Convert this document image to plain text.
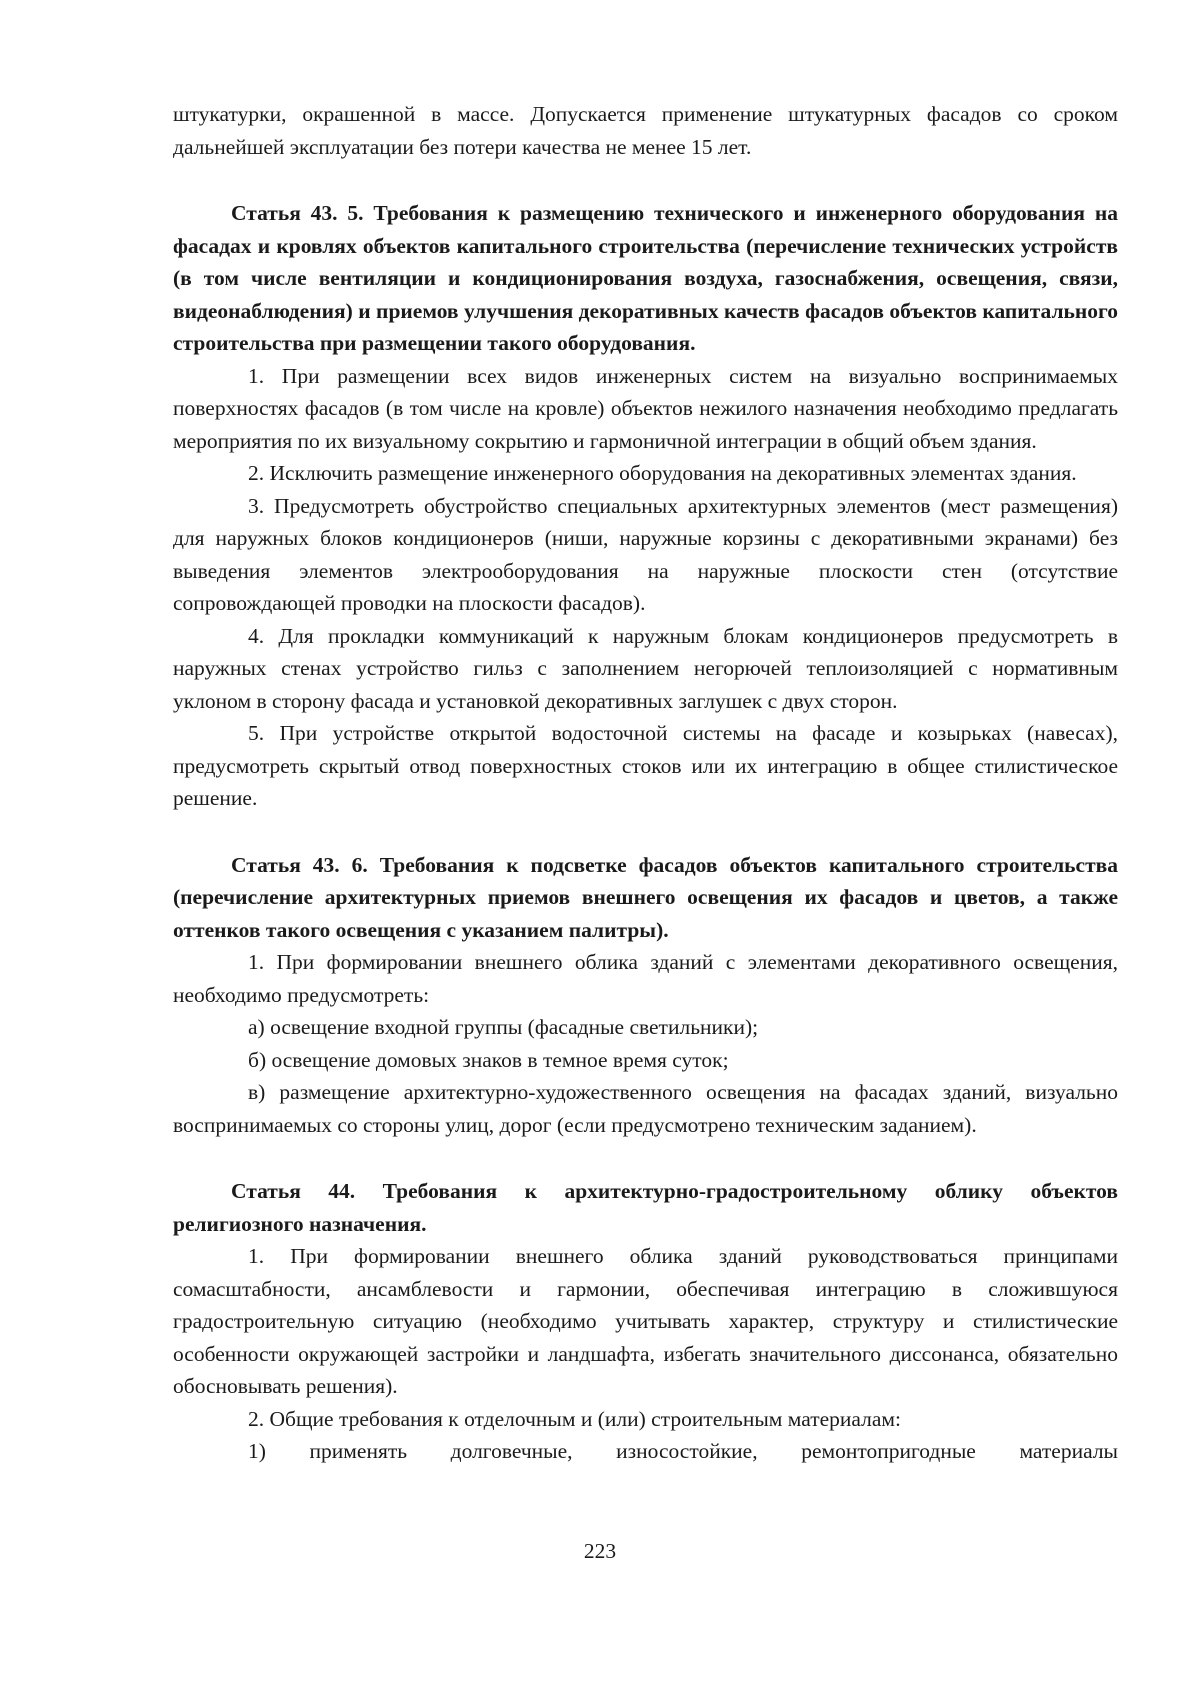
штукатурки, окрашенной в массе. Допускается применение штукатурных фасадов со сроком дальнейшей эксплуатации без потери качества не менее 15 лет.

Статья 43. 5. Требования к размещению технического и инженерного оборудования на фасадах и кровлях объектов капитального строительства (перечисление технических устройств (в том числе вентиляции и кондиционирования воздуха, газоснабжения, освещения, связи, видеонаблюдения) и приемов улучшения декоративных качеств фасадов объектов капитального строительства при размещении такого оборудования.

1. При размещении всех видов инженерных систем на визуально воспринимаемых поверхностях фасадов (в том числе на кровле) объектов нежилого назначения необходимо предлагать мероприятия по их визуальному сокрытию и гармоничной интеграции в общий объем здания.

2. Исключить размещение инженерного оборудования на декоративных элементах здания.

3. Предусмотреть обустройство специальных архитектурных элементов (мест размещения) для наружных блоков кондиционеров (ниши, наружные корзины с декоративными экранами) без выведения элементов электрооборудования на наружные плоскости стен (отсутствие сопровождающей проводки на плоскости фасадов).

4. Для прокладки коммуникаций к наружным блокам кондиционеров предусмотреть в наружных стенах устройство гильз с заполнением негорючей теплоизоляцией с нормативным уклоном в сторону фасада и установкой декоративных заглушек с двух сторон.

5. При устройстве открытой водосточной системы на фасаде и козырьках (навесах), предусмотреть скрытый отвод поверхностных стоков или их интеграцию в общее стилистическое решение.

Статья 43. 6. Требования к подсветке фасадов объектов капитального строительства (перечисление архитектурных приемов внешнего освещения их фасадов и цветов, а также оттенков такого освещения с указанием палитры).

1. При формировании внешнего облика зданий с элементами декоративного освещения, необходимо предусмотреть:

а) освещение входной группы (фасадные светильники);

б) освещение домовых знаков в темное время суток;

в) размещение архитектурно-художественного освещения на фасадах зданий, визуально воспринимаемых со стороны улиц, дорог (если предусмотрено техническим заданием).

Статья 44. Требования к архитектурно-градостроительному облику объектов религиозного назначения.

1. При формировании внешнего облика зданий руководствоваться принципами сомасштабности, ансамблевости и гармонии, обеспечивая интеграцию в сложившуюся градостроительную ситуацию (необходимо учитывать характер, структуру и стилистические особенности окружающей застройки и ландшафта, избегать значительного диссонанса, обязательно обосновывать решения).

2. Общие требования к отделочным и (или) строительным материалам:

1) применять долговечные, износостойкие, ремонтопригодные материалы

223
